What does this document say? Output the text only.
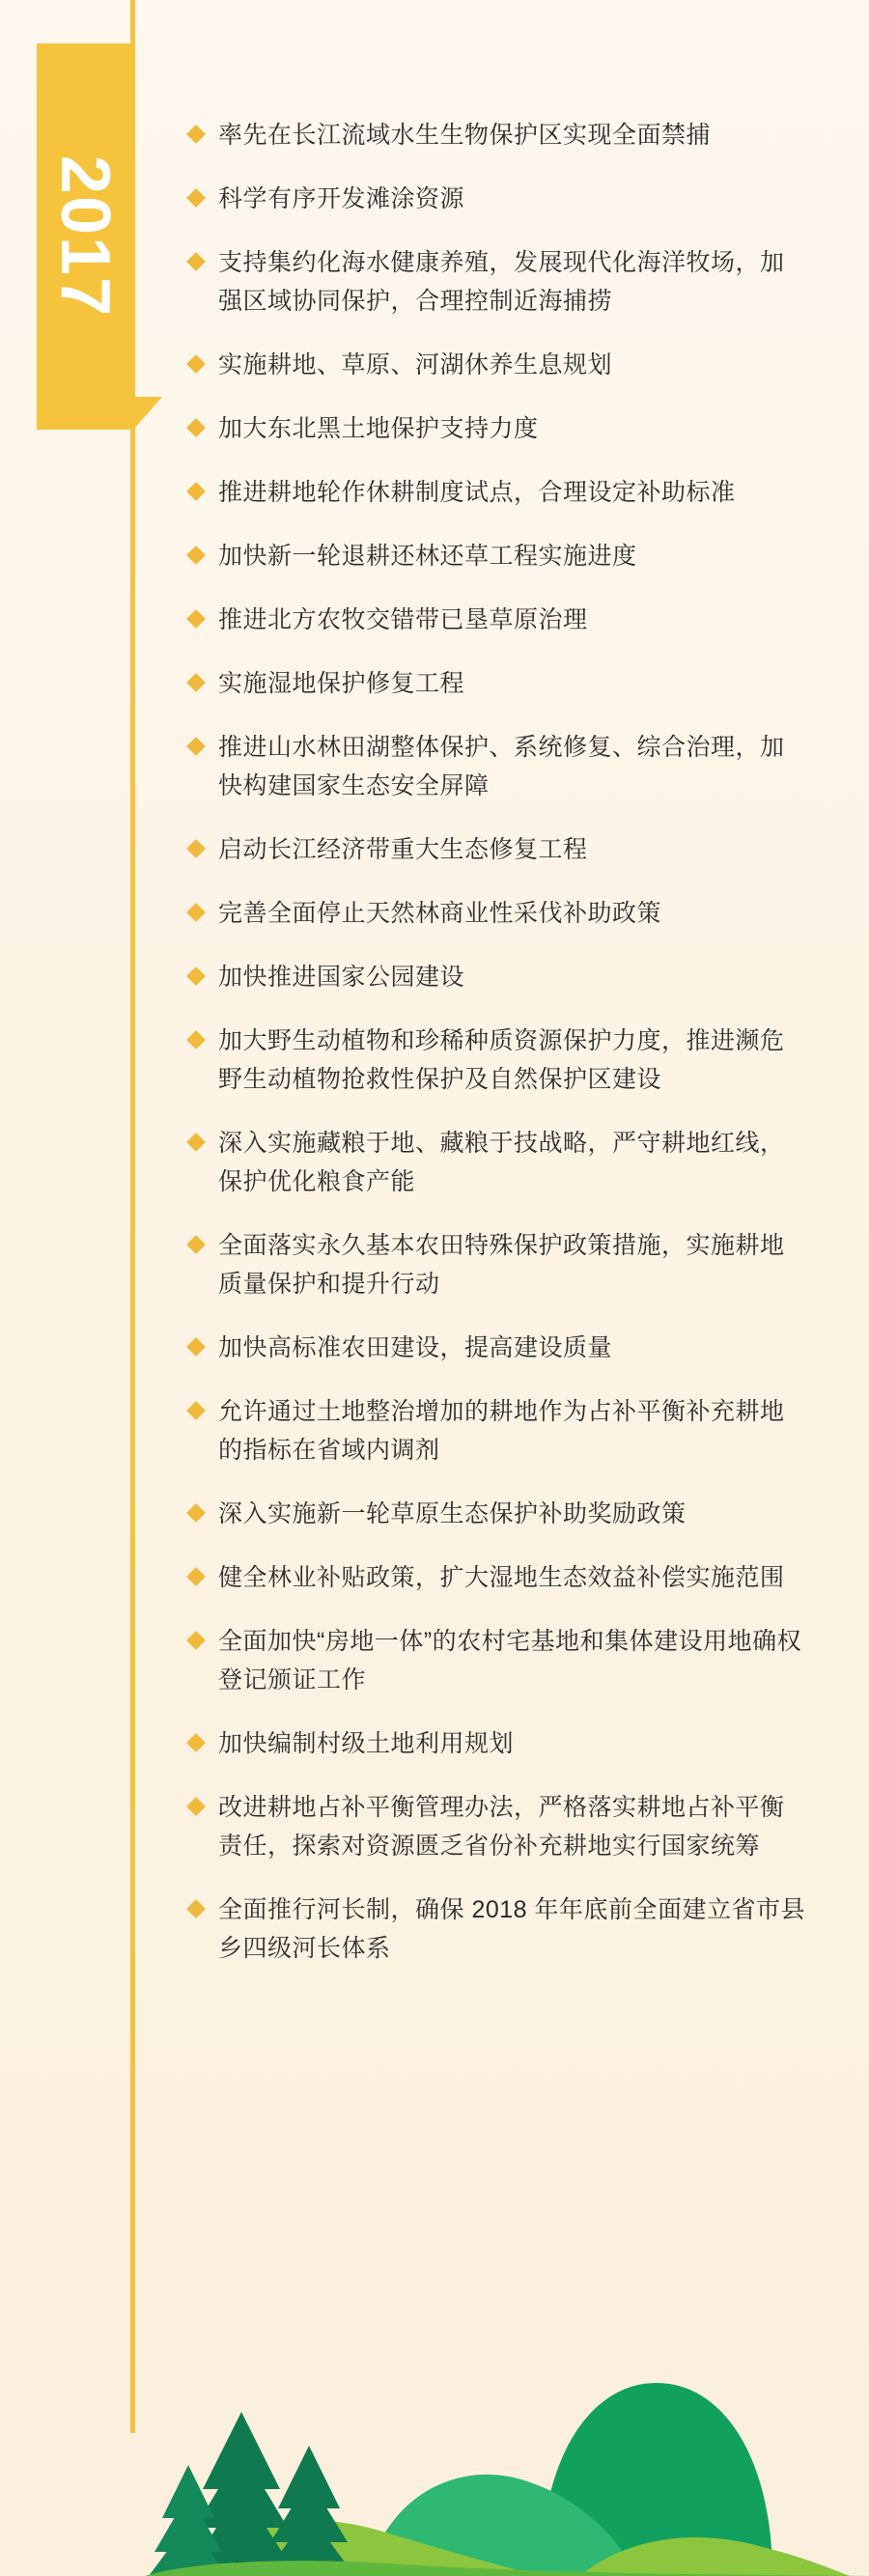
2017
率先在长江流域水生生物保护区实现全面禁捕
科学有序开发滩涂资源
支持集约化海水健康养殖，发展现代化海洋牧场，加强区域协同保护，合理控制近海捕捞
实施耕地、草原、河湖休养生息规划
加大东北黑土地保护支持力度
推进耕地轮作休耕制度试点，合理设定补助标准
加快新一轮退耕还林还草工程实施进度
推进北方农牧交错带已垦草原治理
实施湿地保护修复工程
推进山水林田湖整体保护、系统修复、综合治理，加快构建国家生态安全屏障
启动长江经济带重大生态修复工程
完善全面停止天然林商业性采伐补助政策
加快推进国家公园建设
加大野生动植物和珍稀种质资源保护力度，推进濒危野生动植物抢救性保护及自然保护区建设
深入实施藏粮于地、藏粮于技战略，严守耕地红线，保护优化粮食产能
全面落实永久基本农田特殊保护政策措施，实施耕地质量保护和提升行动
加快高标准农田建设，提高建设质量
允许通过土地整治增加的耕地作为占补平衡补充耕地的指标在省域内调剂
深入实施新一轮草原生态保护补助奖励政策
健全林业补贴政策，扩大湿地生态效益补偿实施范围
全面加快“房地一体”的农村宅基地和集体建设用地确权登记颁证工作
加快编制村级土地利用规划
改进耕地占补平衡管理办法，严格落实耕地占补平衡责任，探索对资源匮乏省份补充耕地实行国家统筹
全面推行河长制，确保 2018 年年底前全面建立省市县乡四级河长体系
